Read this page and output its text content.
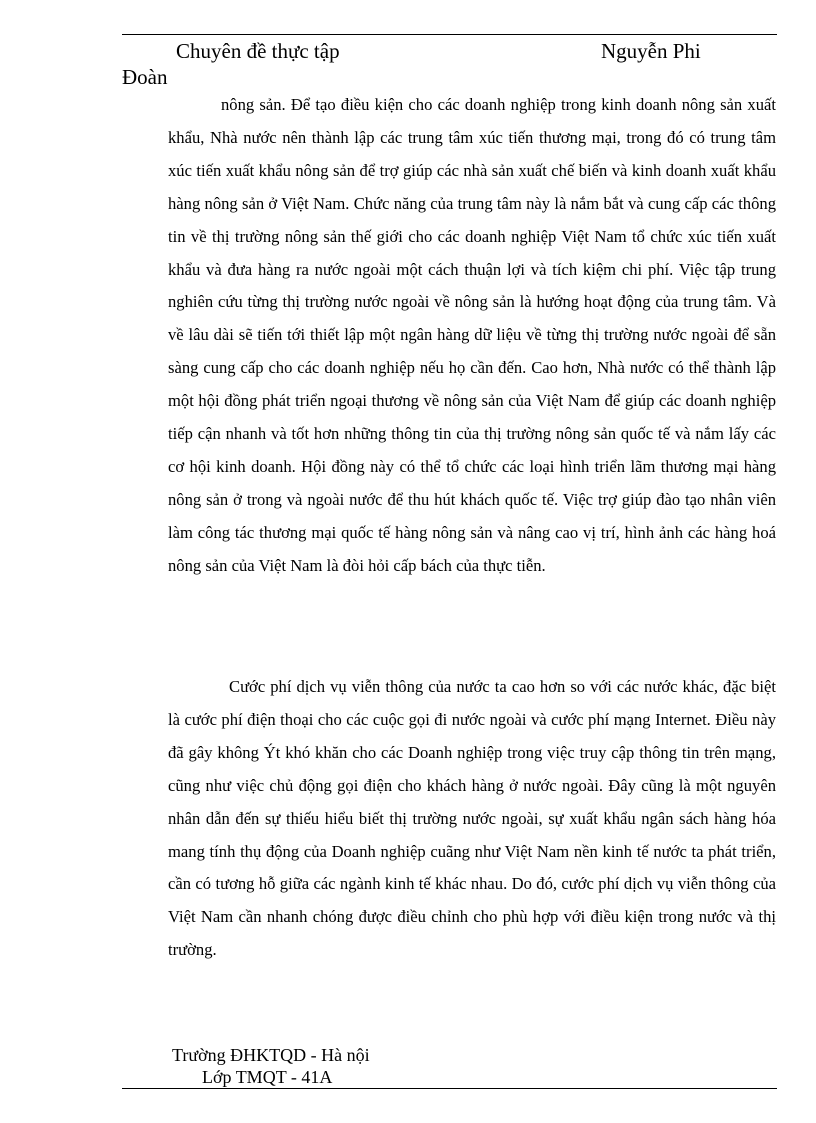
Chuyên đề thực tập	Nguyễn Phi
Đoàn

nông sản. Để tạo điều kiện cho các doanh nghiệp trong kinh doanh nông sản xuất khẩu, Nhà nước nên thành lập các trung tâm xúc tiến thương mại, trong đó có trung tâm xúc tiến xuất khẩu nông sản để trợ giúp các nhà sản xuất chế biến và kinh doanh xuất khẩu hàng nông sản ở Việt Nam. Chức năng của trung tâm này là nắm bắt và cung cấp các thông tin về thị trường nông sản thế giới cho các doanh nghiệp Việt Nam tổ chức xúc tiến xuất khẩu và đưa hàng ra nước ngoài một cách thuận lợi và tích kiệm chi phí. Việc tập trung nghiên cứu từng thị trường nước ngoài về nông sản là hướng hoạt động của trung tâm. Và về lâu dài sẽ tiến tới thiết lập một ngân hàng dữ liệu về từng thị trường nước ngoài để sẵn sàng cung cấp cho các doanh nghiệp nếu họ cần đến. Cao hơn, Nhà nước có thể thành lập một hội đồng phát triển ngoại thương về nông sản của Việt Nam để giúp các doanh nghiệp tiếp cận nhanh và tốt hơn những thông tin của thị trường nông sản quốc tế và nắm lấy các cơ hội kinh doanh. Hội đồng này có thể tổ chức các loại hình triển lãm thương mại hàng nông sản ở trong và ngoài nước để thu hút khách quốc tế. Việc trợ giúp đào tạo nhân viên làm công tác thương mại quốc tế hàng nông sản và nâng cao vị trí, hình ảnh các hàng hoá nông sản của Việt Nam là đòi hỏi cấp bách của thực tiễn.

Cước phí dịch vụ viễn thông của nước ta cao hơn so với các nước khác, đặc biệt là cước phí điện thoại cho các cuộc gọi đi nước ngoài và cước phí mạng Internet. Điều này đã gây không Ýt khó khăn cho các Doanh nghiệp trong việc truy cập thông tin trên mạng, cũng như việc chủ động gọi điện cho khách hàng ở nước ngoài. Đây cũng là một nguyên nhân dẫn đến sự thiếu hiểu biết thị trường nước ngoài, sự xuất khẩu ngân sách hàng hóa mang tính thụ động của Doanh nghiệp cuãng như Việt Nam nền kinh tế nước ta phát triển, cần có tương hỗ giữa các ngành kinh tế khác nhau. Do đó, cước phí dịch vụ viễn thông của Việt Nam cần nhanh chóng được điều chỉnh cho phù hợp với điều kiện trong nước và thị trường.

Trường ĐHKTQD - Hà nội
Lớp TMQT - 41A
